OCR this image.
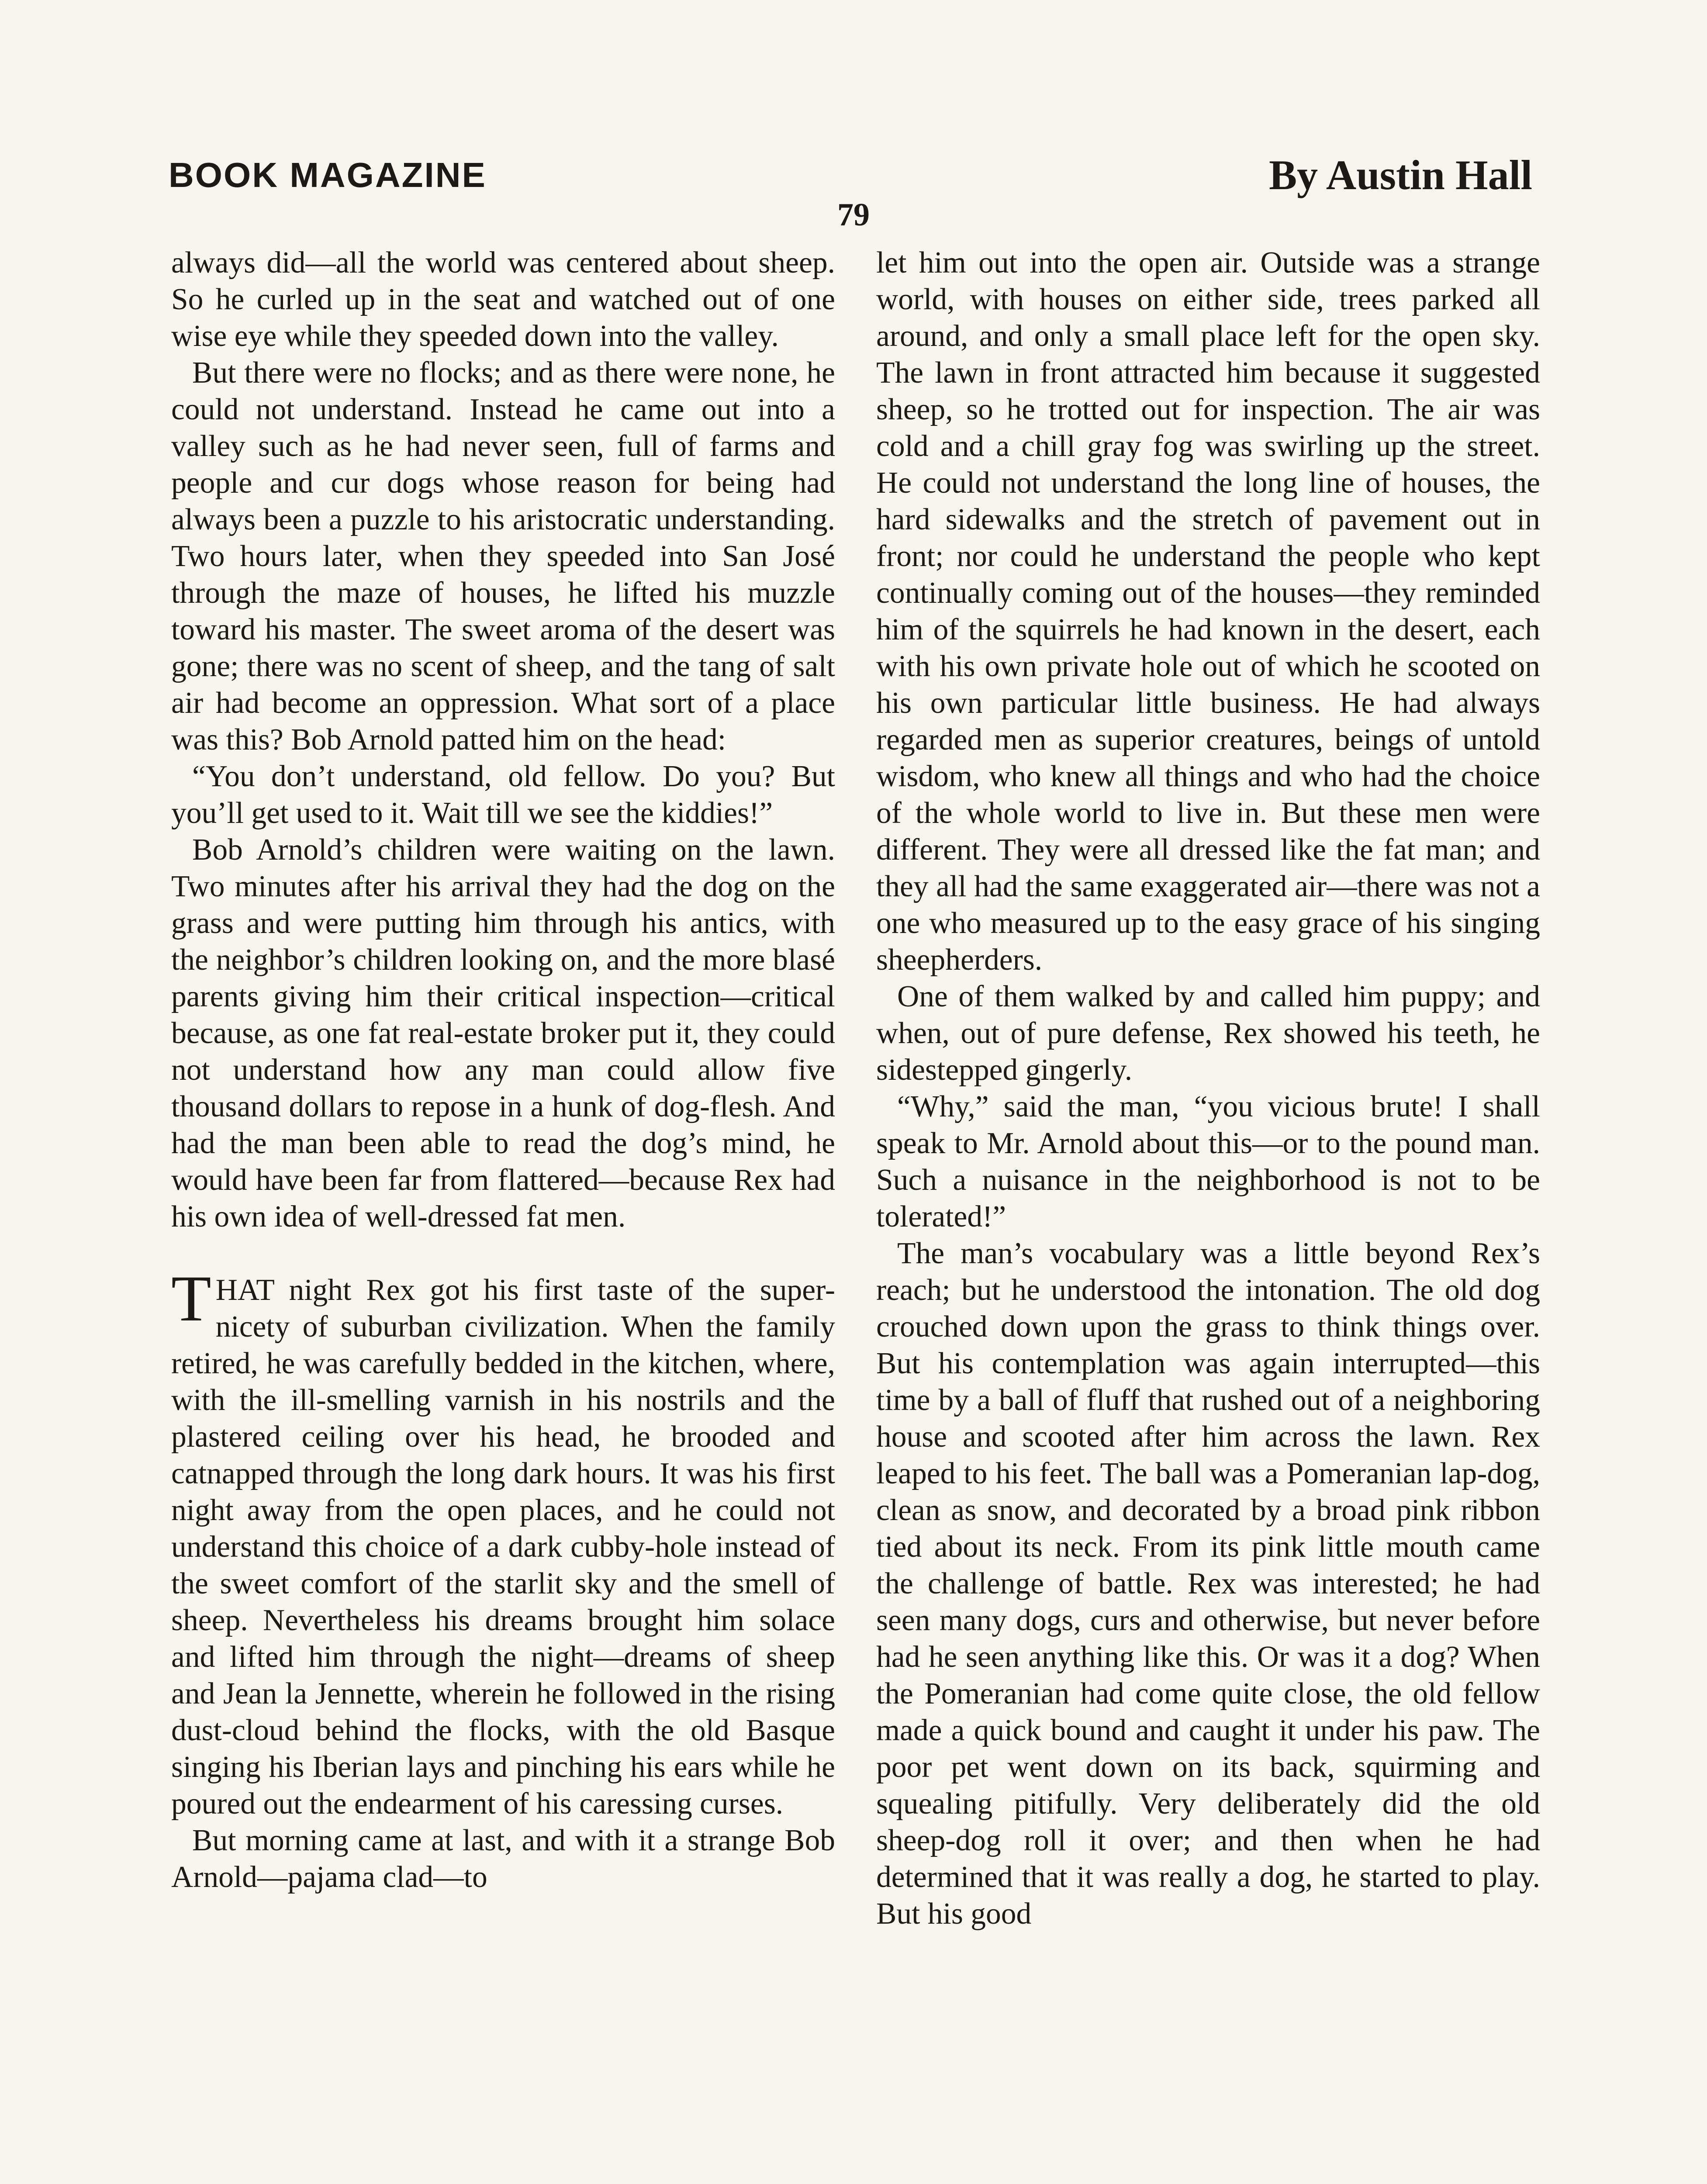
BOOK MAGAZINE	By Austin Hall
79

always did—all the world was centered about sheep. So he curled up in the seat and watched out of one wise eye while they speeded down into the valley.

But there were no flocks; and as there were none, he could not understand. Instead he came out into a valley such as he had never seen, full of farms and people and cur dogs whose reason for being had always been a puzzle to his aristocratic understanding. Two hours later, when they speeded into San José through the maze of houses, he lifted his muzzle toward his master. The sweet aroma of the desert was gone; there was no scent of sheep, and the tang of salt air had become an oppression. What sort of a place was this? Bob Arnold patted him on the head:

“You don’t understand, old fellow. Do you? But you’ll get used to it. Wait till we see the kiddies!”

Bob Arnold’s children were waiting on the lawn. Two minutes after his arrival they had the dog on the grass and were putting him through his antics, with the neighbor’s children looking on, and the more blasé parents giving him their critical inspection—critical because, as one fat real-estate broker put it, they could not understand how any man could allow five thousand dollars to repose in a hunk of dog-flesh. And had the man been able to read the dog’s mind, he would have been far from flattered—because Rex had his own idea of well-dressed fat men.

THAT night Rex got his first taste of the super-nicety of suburban civilization. When the family retired, he was carefully bedded in the kitchen, where, with the ill-smelling varnish in his nostrils and the plastered ceiling over his head, he brooded and catnapped through the long dark hours. It was his first night away from the open places, and he could not understand this choice of a dark cubby-hole instead of the sweet comfort of the starlit sky and the smell of sheep. Nevertheless his dreams brought him solace and lifted him through the night—dreams of sheep and Jean la Jennette, wherein he followed in the rising dust-cloud behind the flocks, with the old Basque singing his Iberian lays and pinching his ears while he poured out the endearment of his caressing curses.

But morning came at last, and with it a strange Bob Arnold—pajama clad—to

let him out into the open air. Outside was a strange world, with houses on either side, trees parked all around, and only a small place left for the open sky. The lawn in front attracted him because it suggested sheep, so he trotted out for inspection. The air was cold and a chill gray fog was swirling up the street. He could not understand the long line of houses, the hard sidewalks and the stretch of pavement out in front; nor could he understand the people who kept continually coming out of the houses—they reminded him of the squirrels he had known in the desert, each with his own private hole out of which he scooted on his own particular little business. He had always regarded men as superior creatures, beings of untold wisdom, who knew all things and who had the choice of the whole world to live in. But these men were different. They were all dressed like the fat man; and they all had the same exaggerated air—there was not a one who measured up to the easy grace of his singing sheepherders.

One of them walked by and called him puppy; and when, out of pure defense, Rex showed his teeth, he sidestepped gingerly.

“Why,” said the man, “you vicious brute! I shall speak to Mr. Arnold about this—or to the pound man. Such a nuisance in the neighborhood is not to be tolerated!”

The man’s vocabulary was a little beyond Rex’s reach; but he understood the intonation. The old dog crouched down upon the grass to think things over. But his contemplation was again interrupted—this time by a ball of fluff that rushed out of a neighboring house and scooted after him across the lawn. Rex leaped to his feet. The ball was a Pomeranian lap-dog, clean as snow, and decorated by a broad pink ribbon tied about its neck. From its pink little mouth came the challenge of battle. Rex was interested; he had seen many dogs, curs and otherwise, but never before had he seen anything like this. Or was it a dog? When the Pomeranian had come quite close, the old fellow made a quick bound and caught it under his paw. The poor pet went down on its back, squirming and squealing pitifully. Very deliberately did the old sheep-dog roll it over; and then when he had determined that it was really a dog, he started to play. But his good
